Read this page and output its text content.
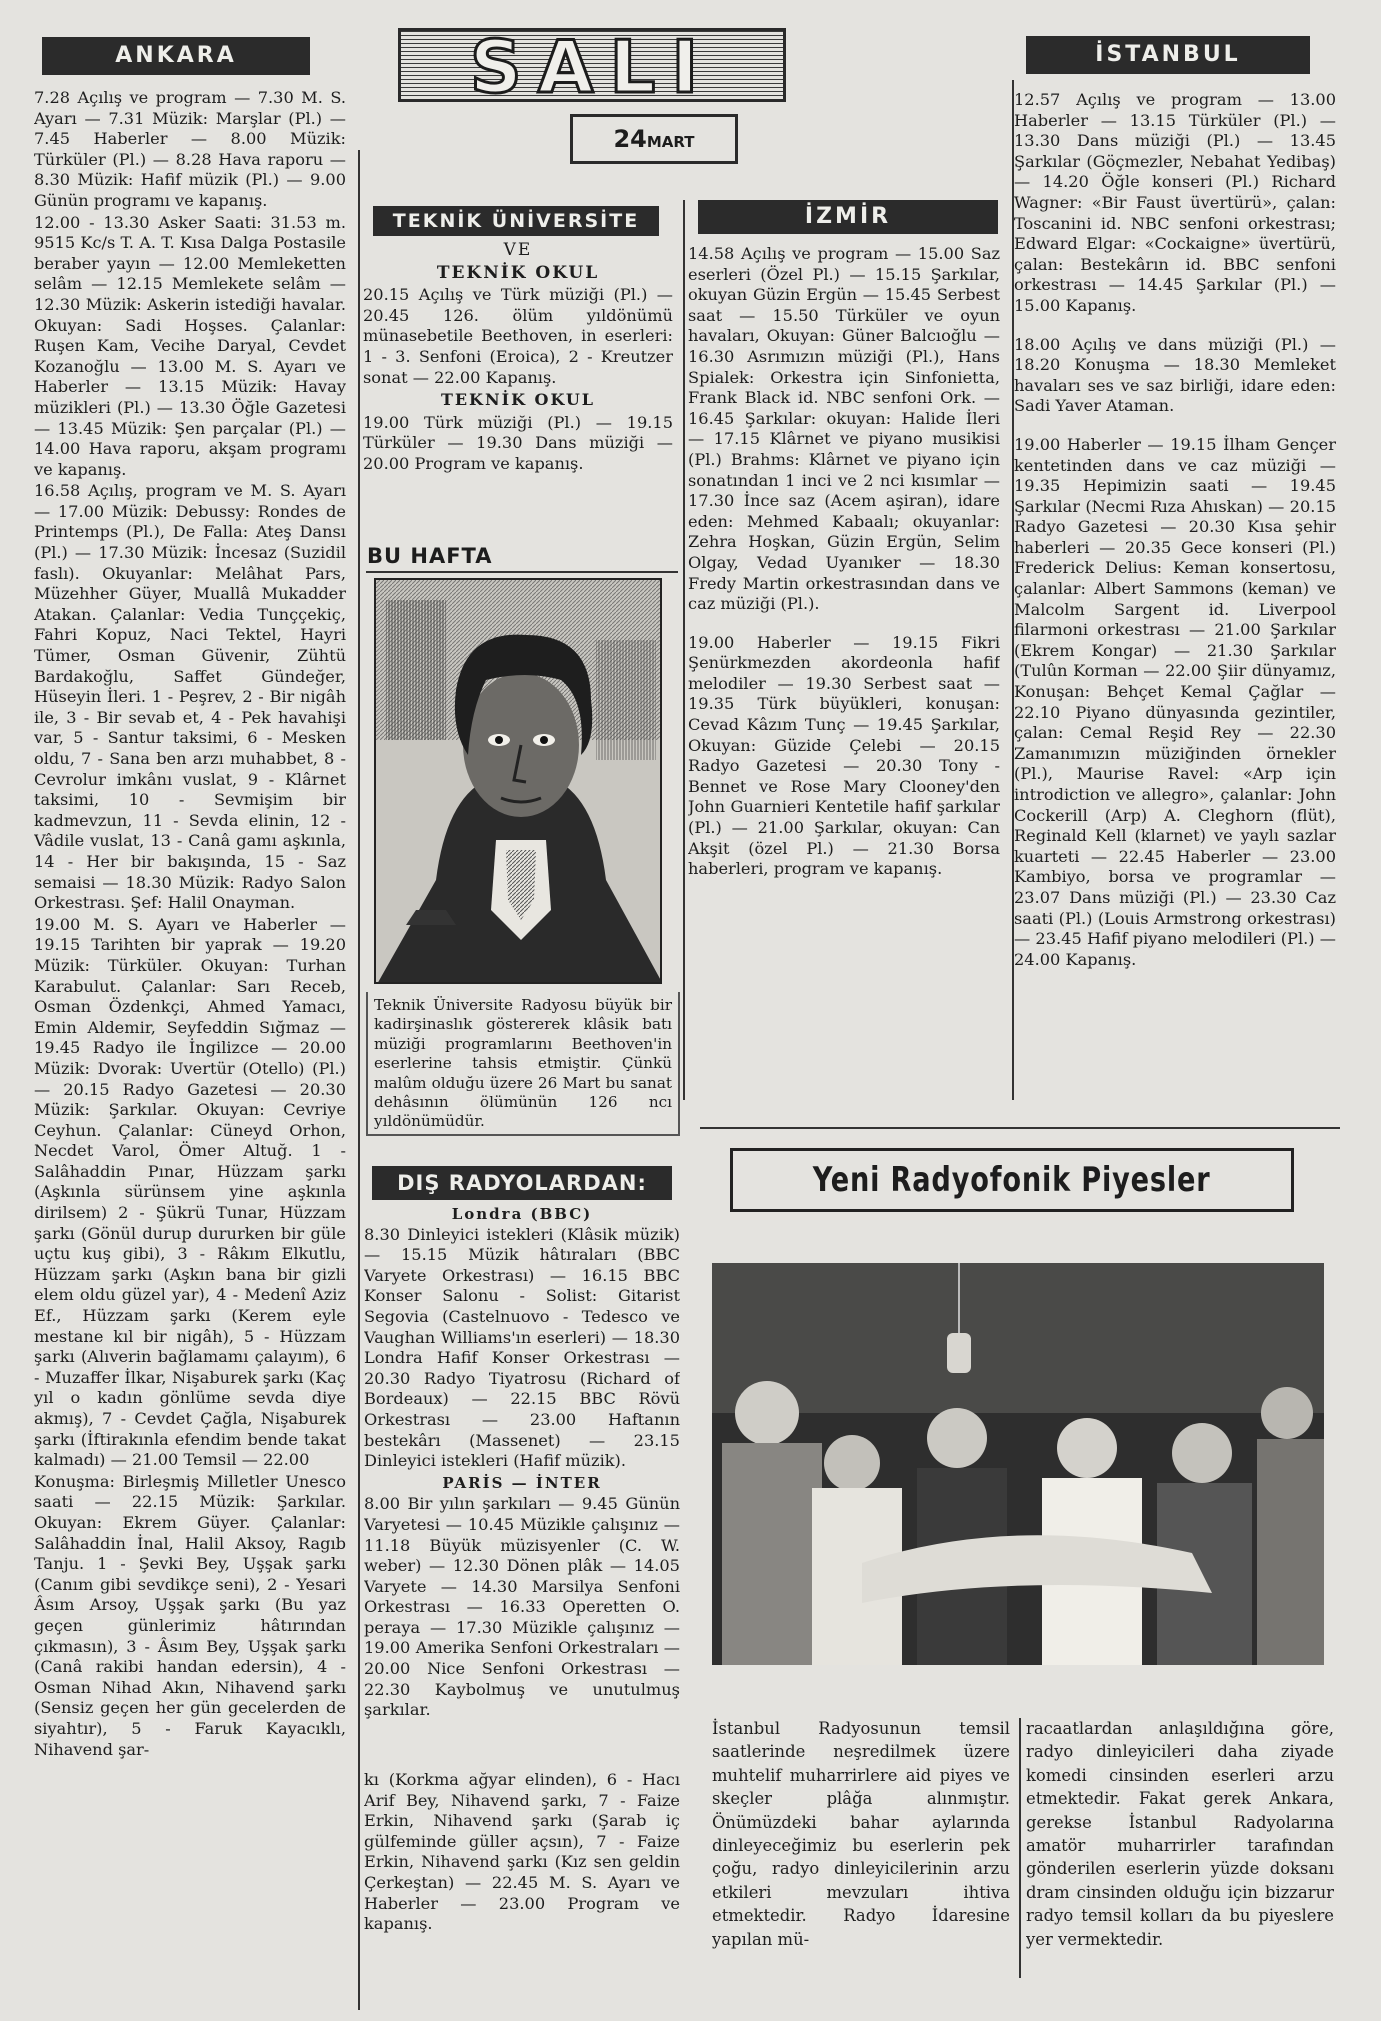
ANKARA

7.28 Açılış ve program — 7.30 M. S. Ayarı — 7.31 Müzik: Marşlar (Pl.) — 7.45 Haberler — 8.00 Müzik: Türküler (Pl.) — 8.28 Hava raporu — 8.30 Müzik: Hafif müzik (Pl.) — 9.00 Günün programı ve kapanış.

12.00 - 13.30 Asker Saati: 31.53 m. 9515 Kc/s T. A. T. Kısa Dalga Postasile beraber yayın — 12.00 Memleketten selâm — 12.15 Memlekete selâm — 12.30 Müzik: Askerin istediği havalar. Okuyan: Sadi Hoşses. Çalanlar: Ruşen Kam, Vecihe Daryal, Cevdet Kozanoğlu — 13.00 M. S. Ayarı ve Haberler — 13.15 Müzik: Havay müzikleri (Pl.) — 13.30 Öğle Gazetesi — 13.45 Müzik: Şen parçalar (Pl.) — 14.00 Hava raporu, akşam programı ve kapanış.

16.58 Açılış, program ve M. S. Ayarı — 17.00 Müzik: Debussy: Rondes de Printemps (Pl.), De Falla: Ateş Dansı (Pl.) — 17.30 Müzik: İncesaz (Suzidil faslı). Okuyanlar: Melâhat Pars, Müzehher Güyer, Muallâ Mukadder Atakan. Çalanlar: Vedia Tunççekiç, Fahri Kopuz, Naci Tektel, Hayri Tümer, Osman Güvenir, Zühtü Bardakoğlu, Saffet Gündeğer, Hüseyin İleri. 1 - Peşrev, 2 - Bir nigâh ile, 3 - Bir sevab et, 4 - Pek havahişi var, 5 - Santur taksimi, 6 - Mesken oldu, 7 - Sana ben arzı muhabbet, 8 - Cevrolur imkânı vuslat, 9 - Klârnet taksimi, 10 - Sevmişim bir kadmevzun, 11 - Sevda elinin, 12 - Vâdile vuslat, 13 - Canâ gamı aşkınla, 14 - Her bir bakışında, 15 - Saz semaisi — 18.30 Müzik: Radyo Salon Orkestrası. Şef: Halil Onayman.

19.00 M. S. Ayarı ve Haberler — 19.15 Tarihten bir yaprak — 19.20 Müzik: Türküler. Okuyan: Turhan Karabulut. Çalanlar: Sarı Receb, Osman Özdenkçi, Ahmed Yamacı, Emin Aldemir, Seyfeddin Sığmaz — 19.45 Radyo ile İngilizce — 20.00 Müzik: Dvorak: Uvertür (Otello) (Pl.) — 20.15 Radyo Gazetesi — 20.30 Müzik: Şarkılar. Okuyan: Cevriye Ceyhun. Çalanlar: Cüneyd Orhon, Necdet Varol, Ömer Altuğ. 1 - Salâhaddin Pınar, Hüzzam şarkı (Aşkınla sürünsem yine aşkınla dirilsem) 2 - Şükrü Tunar, Hüzzam şarkı (Gönül durup dururken bir güle uçtu kuş gibi), 3 - Râkım Elkutlu, Hüzzam şarkı (Aşkın bana bir gizli elem oldu güzel yar), 4 - Medenî Aziz Ef., Hüzzam şarkı (Kerem eyle mestane kıl bir nigâh), 5 - Hüzzam şarkı (Alıverin bağlamamı çalayım), 6 - Muzaffer İlkar, Nişaburek şarkı (Kaç yıl o kadın gönlüme sevda diye akmış), 7 - Cevdet Çağla, Nişaburek şarkı (İftirakınla efendim bende takat kalmadı) — 21.00 Temsil — 22.00

Konuşma: Birleşmiş Milletler Unesco saati — 22.15 Müzik: Şarkılar. Okuyan: Ekrem Güyer. Çalanlar: Salâhaddin İnal, Halil Aksoy, Ragıb Tanju. 1 - Şevki Bey, Uşşak şarkı (Canım gibi sevdikçe seni), 2 - Yesari Âsım Arsoy, Uşşak şarkı (Bu yaz geçen günlerimiz hâtırından çıkmasın), 3 - Âsım Bey, Uşşak şarkı (Canâ rakibi handan edersin), 4 - Osman Nihad Akın, Nihavend şarkı (Sensiz geçen her gün gecelerden de siyahtır), 5 - Faruk Kayacıklı, Nihavend şar-

SALI
24MART
TEKNİK ÜNİVERSİTE
VE
TEKNİK OKUL

20.15 Açılış ve Türk müziği (Pl.) — 20.45 126. ölüm yıldönümü münasebetile Beethoven, in eserleri: 1 - 3. Senfoni (Eroica), 2 - Kreutzer sonat — 22.00 Kapanış.

TEKNİK OKUL

19.00 Türk müziği (Pl.) — 19.15 Türküler — 19.30 Dans müziği — 20.00 Program ve kapanış.

BU HAFTA
Teknik Üniversite Radyosu büyük bir kadirşinaslık göstererek klâsik batı müziği programlarını Beethoven'in eserlerine tahsis etmiştir. Çünkü malûm olduğu üzere 26 Mart bu sanat dehâsının ölümünün 126 ncı yıldönümüdür.
DIŞ RADYOLARDAN:
Londra (BBC)

8.30 Dinleyici istekleri (Klâsik müzik) — 15.15 Müzik hâtıraları (BBC Varyete Orkestrası) — 16.15 BBC Konser Salonu - Solist: Gitarist Segovia (Castelnuovo - Tedesco ve Vaughan Williams'ın eserleri) — 18.30 Londra Hafif Konser Orkestrası — 20.30 Radyo Tiyatrosu (Richard of Bordeaux) — 22.15 BBC Rövü Orkestrası — 23.00 Haftanın bestekârı (Massenet) — 23.15 Dinleyici istekleri (Hafif müzik).

PARİS — İNTER

8.00 Bir yılın şarkıları — 9.45 Günün Varyetesi — 10.45 Müzikle çalışınız — 11.18 Büyük müzisyenler (C. W. weber) — 12.30 Dönen plâk — 14.05 Varyete — 14.30 Marsilya Senfoni Orkestrası — 16.33 Operetten O. peraya — 17.30 Müzikle çalışınız — 19.00 Amerika Senfoni Orkestraları — 20.00 Nice Senfoni Orkestrası — 22.30 Kaybolmuş ve unutulmuş şarkılar.

kı (Korkma ağyar elinden), 6 - Hacı Arif Bey, Nihavend şarkı, 7 - Faize Erkin, Nihavend şarkı (Şarab iç gülfeminde güller açsın), 7 - Faize Erkin, Nihavend şarkı (Kız sen geldin Çerkeştan) — 22.45 M. S. Ayarı ve Haberler — 23.00 Program ve kapanış.

İZMİR

14.58 Açılış ve program — 15.00 Saz eserleri (Özel Pl.) — 15.15 Şarkılar, okuyan Güzin Ergün — 15.45 Serbest saat — 15.50 Türküler ve oyun havaları, Okuyan: Güner Balcıoğlu — 16.30 Asrımızın müziği (Pl.), Hans Spialek: Orkestra için Sinfonietta, Frank Black id. NBC senfoni Ork. — 16.45 Şarkılar: okuyan: Halide İleri — 17.15 Klârnet ve piyano musikisi (Pl.) Brahms: Klârnet ve piyano için sonatından 1 inci ve 2 nci kısımlar — 17.30 İnce saz (Acem aşiran), idare eden: Mehmed Kabaalı; okuyanlar: Zehra Hoşkan, Güzin Ergün, Selim Olgay, Vedad Uyanıker — 18.30 Fredy Martin orkestrasından dans ve caz müziği (Pl.).

19.00 Haberler — 19.15 Fikri Şenürkmezden akordeonla hafif melodiler — 19.30 Serbest saat — 19.35 Türk büyükleri, konuşan: Cevad Kâzım Tunç — 19.45 Şarkılar, Okuyan: Güzide Çelebi — 20.15 Radyo Gazetesi — 20.30 Tony - Bennet ve Rose Mary Clooney'den John Guarnieri Kentetile hafif şarkılar (Pl.) — 21.00 Şarkılar, okuyan: Can Akşit (özel Pl.) — 21.30 Borsa haberleri, program ve kapanış.

İSTANBUL

12.57 Açılış ve program — 13.00 Haberler — 13.15 Türküler (Pl.) — 13.30 Dans müziği (Pl.) — 13.45 Şarkılar (Göçmezler, Nebahat Yedibaş) — 14.20 Öğle konseri (Pl.) Richard Wagner: «Bir Faust üvertürü», çalan: Toscanini id. NBC senfoni orkestrası; Edward Elgar: «Cockaigne» üvertürü, çalan: Bestekârın id. BBC senfoni orkestrası — 14.45 Şarkılar (Pl.) — 15.00 Kapanış.

18.00 Açılış ve dans müziği (Pl.) — 18.20 Konuşma — 18.30 Memleket havaları ses ve saz birliği, idare eden: Sadi Yaver Ataman.

19.00 Haberler — 19.15 İlham Gençer kentetinden dans ve caz müziği — 19.35 Hepimizin saati — 19.45 Şarkılar (Necmi Rıza Ahıskan) — 20.15 Radyo Gazetesi — 20.30 Kısa şehir haberleri — 20.35 Gece konseri (Pl.) Frederick Delius: Keman konsertosu, çalanlar: Albert Sammons (keman) ve Malcolm Sargent id. Liverpool filarmoni orkestrası — 21.00 Şarkılar (Ekrem Kongar) — 21.30 Şarkılar (Tulûn Korman — 22.00 Şiir dünyamız, Konuşan: Behçet Kemal Çağlar — 22.10 Piyano dünyasında gezintiler, çalan: Cemal Reşid Rey — 22.30 Zamanımızın müziğinden örnekler (Pl.), Maurise Ravel: «Arp için introdiction ve allegro», çalanlar: John Cockerill (Arp) A. Cleghorn (flüt), Reginald Kell (klarnet) ve yaylı sazlar kuarteti — 22.45 Haberler — 23.00 Kambiyo, borsa ve programlar — 23.07 Dans müziği (Pl.) — 23.30 Caz saati (Pl.) (Louis Armstrong orkestrası) — 23.45 Hafif piyano melodileri (Pl.) — 24.00 Kapanış.

Yeni Radyofonik Piyesler

İstanbul Radyosunun temsil saatlerinde neşredilmek üzere muhtelif muharrirlere aid piyes ve skeçler plâğa alınmıştır. Önümüzdeki bahar aylarında dinleyeceğimiz bu eserlerin pek çoğu, radyo dinleyicilerinin arzu etkileri mevzuları ihtiva etmektedir. Radyo İdaresine yapılan mü-

racaatlardan anlaşıldığına göre, radyo dinleyicileri daha ziyade komedi cinsinden eserleri arzu etmektedir. Fakat gerek Ankara, gerekse İstanbul Radyolarına amatör muharrirler tarafından gönderilen eserlerin yüzde doksanı dram cinsinden olduğu için bizzarur radyo temsil kolları da bu piyeslere yer vermektedir.
